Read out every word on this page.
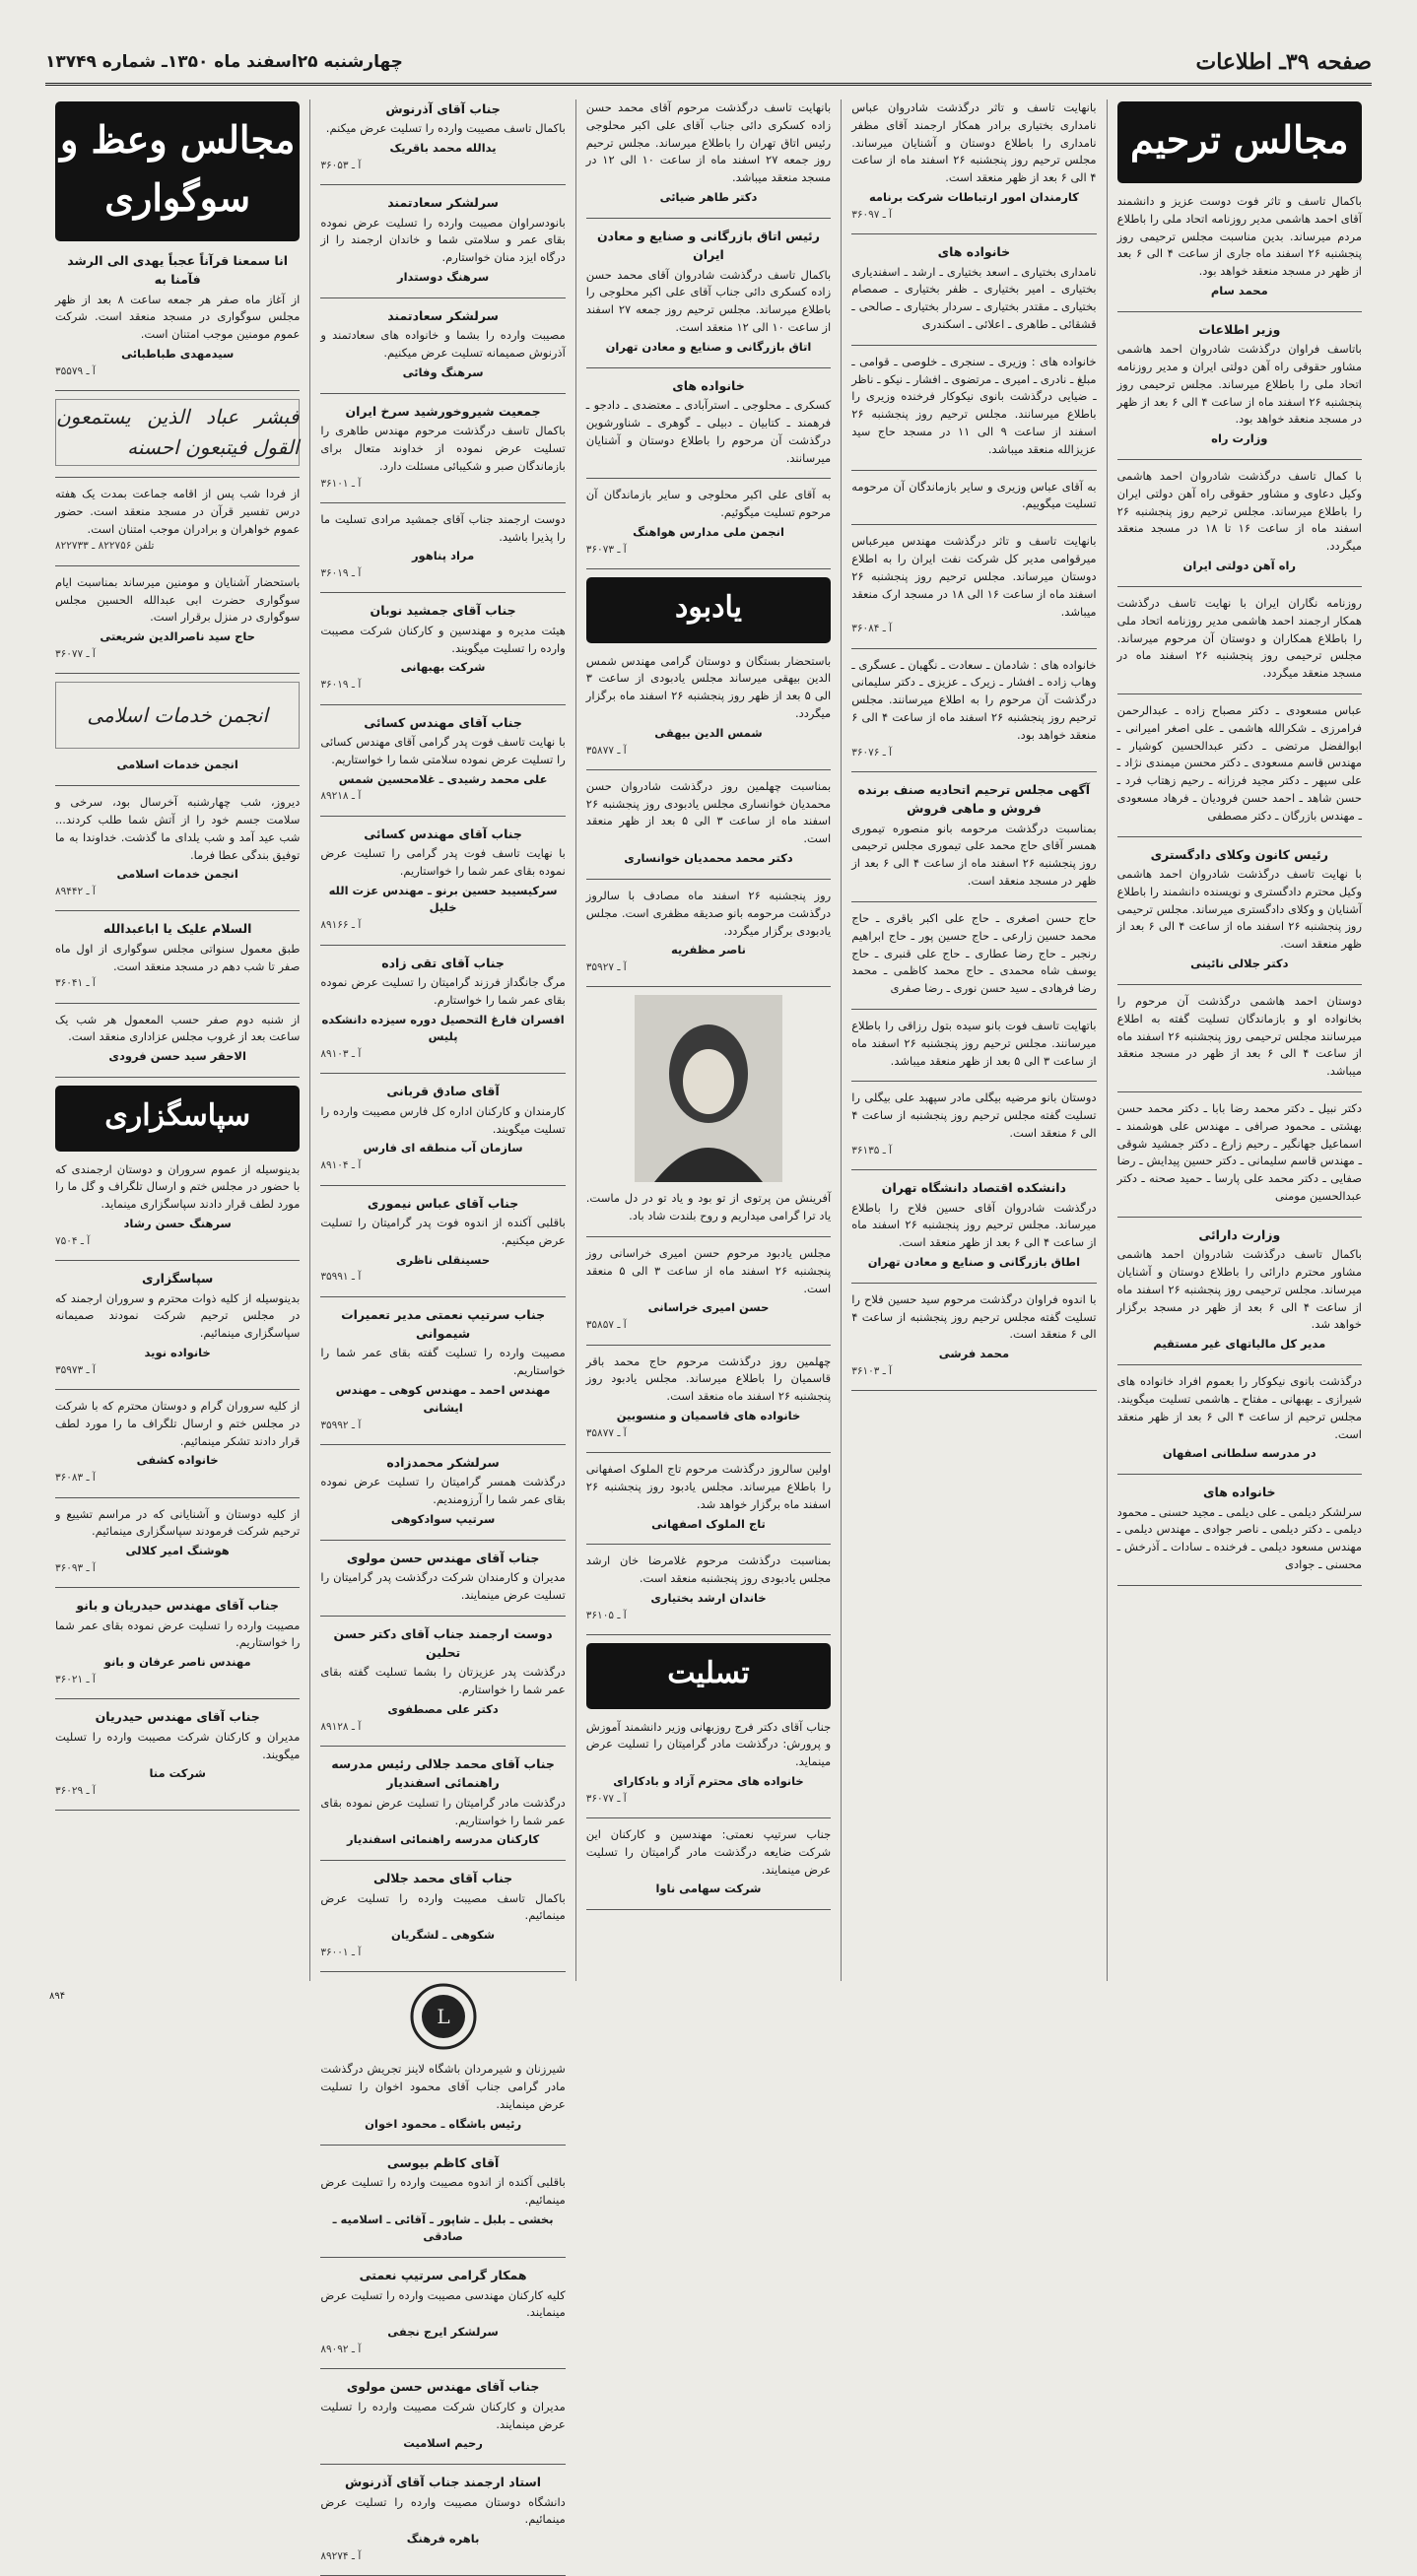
صفحه ۳۹ـ اطلاعات
چهارشنبه ۲۵اسفند ماه ۱۳۵۰ـ شماره ۱۳۷۴۹
مجالس ترحیم
باکمال تاسف و تاثر فوت دوست عزیز و دانشمند آقای احمد هاشمی مدیر روزنامه اتحاد ملی را باطلاع مردم میرساند. بدین مناسبت مجلس ترحیمی روز پنجشنبه ۲۶ اسفند ماه جاری از ساعت ۴ الی ۶ بعد از ظهر در مسجد منعقد خواهد بود.
محمد سام
وزیر اطلاعات
باتاسف فراوان درگذشت شادروان احمد هاشمی مشاور حقوقی راه آهن دولتی ایران و مدیر روزنامه اتحاد ملی را باطلاع میرساند. مجلس ترحیمی روز پنجشنبه ۲۶ اسفند ماه از ساعت ۴ الی ۶ بعد از ظهر در مسجد منعقد خواهد بود.
وزارت راه
با کمال تاسف درگذشت شادروان احمد هاشمی وکیل دعاوی و مشاور حقوقی راه آهن دولتی ایران را باطلاع میرساند. مجلس ترحیم روز پنجشنبه ۲۶ اسفند ماه از ساعت ۱۶ تا ۱۸ در مسجد منعقد میگردد.
راه آهن دولتی ایران
روزنامه نگاران ایران با نهایت تاسف درگذشت همکار ارجمند احمد هاشمی مدیر روزنامه اتحاد ملی را باطلاع همکاران و دوستان آن مرحوم میرساند. مجلس ترحیمی روز پنجشنبه ۲۶ اسفند ماه در مسجد منعقد میگردد.
عباس مسعودی ـ دکتر مصباح زاده ـ عبدالرحمن فرامرزی ـ شکرالله هاشمی ـ علی اصغر امیرانی ـ ابوالفضل مرتضی ـ دکتر عبدالحسین کوشیار ـ مهندس قاسم مسعودی ـ دکتر محسن میمندی نژاد ـ علی سپهر ـ دکتر مجید فرزانه ـ رحیم زهتاب فرد ـ حسن شاهد ـ احمد حسن فرودیان ـ فرهاد مسعودی ـ مهندس بازرگان ـ دکتر مصطفی
رئیس کانون وکلای دادگستری
با نهایت تاسف درگذشت شادروان احمد هاشمی وکیل محترم دادگستری و نویسنده دانشمند را باطلاع آشنایان و وکلای دادگستری میرساند. مجلس ترحیمی روز پنجشنبه ۲۶ اسفند ماه از ساعت ۴ الی ۶ بعد از ظهر منعقد است.
دکتر جلالی نائینی
دوستان احمد هاشمی درگذشت آن مرحوم را بخانواده او و بازماندگان تسلیت گفته به اطلاع میرسانند مجلس ترحیمی روز پنجشنبه ۲۶ اسفند ماه از ساعت ۴ الی ۶ بعد از ظهر در مسجد منعقد میباشد.
دکتر نبیل ـ دکتر محمد رضا بابا ـ دکتر محمد حسن بهشتی ـ محمود صرافی ـ مهندس علی هوشمند ـ اسماعیل جهانگیر ـ رحیم زارع ـ دکتر جمشید شوقی ـ مهندس قاسم سلیمانی ـ دکتر حسین پیدایش ـ رضا صفایی ـ دکتر محمد علی پارسا ـ حمید صحنه ـ دکتر عبدالحسین مومنی
وزارت دارائی
باکمال تاسف درگذشت شادروان احمد هاشمی مشاور محترم دارائی را باطلاع دوستان و آشنایان میرساند. مجلس ترحیمی روز پنجشنبه ۲۶ اسفند ماه از ساعت ۴ الی ۶ بعد از ظهر در مسجد برگزار خواهد شد.
مدیر کل مالیاتهای غیر مستقیم
درگذشت بانوی نیکوکار را بعموم افراد خانواده های شیرازی ـ بهبهانی ـ مفتاح ـ هاشمی تسلیت میگویند. مجلس ترحیم از ساعت ۴ الی ۶ بعد از ظهر منعقد است.
در مدرسه سلطانی اصفهان
خانواده های
سرلشکر دیلمی ـ علی دیلمی ـ مجید حسنی ـ محمود دیلمی ـ دکتر دیلمی ـ ناصر جوادی ـ مهندس دیلمی ـ مهندس مسعود دیلمی ـ فرخنده ـ سادات ـ آذرخش ـ محسنی ـ جوادی
بانهایت تاسف و تاثر درگذشت شادروان عباس نامداری بختیاری برادر همکار ارجمند آقای مظفر نامداری را باطلاع دوستان و آشنایان میرساند. مجلس ترحیم روز پنجشنبه ۲۶ اسفند ماه از ساعت ۴ الی ۶ بعد از ظهر منعقد است.
کارمندان امور ارتباطات شرکت برنامه
آ ـ ۳۶۰۹۷
خانواده های
نامداری بختیاری ـ اسعد بختیاری ـ ارشد ـ اسفندیاری بختیاری ـ امیر بختیاری ـ ظفر بختیاری ـ صمصام بختیاری ـ مقتدر بختیاری ـ سردار بختیاری ـ صالحی ـ قشقائی ـ طاهری ـ اعلائی ـ اسکندری
خانواده های : وزیری ـ سنجری ـ خلوصی ـ قوامی ـ مبلغ ـ نادری ـ امیری ـ مرتضوی ـ افشار ـ نیکو ـ ناظر ـ ضیایی درگذشت بانوی نیکوکار فرخنده وزیری را باطلاع میرسانند. مجلس ترحیم روز پنجشنبه ۲۶ اسفند از ساعت ۹ الی ۱۱ در مسجد حاج سید عزیزالله منعقد میباشد.
به آقای عباس وزیری و سایر بازماندگان آن مرحومه تسلیت میگوییم.
بانهایت تاسف و تاثر درگذشت مهندس میرعباس میرقوامی مدیر کل شرکت نفت ایران را به اطلاع دوستان میرساند. مجلس ترحیم روز پنجشنبه ۲۶ اسفند ماه از ساعت ۱۶ الی ۱۸ در مسجد ارک منعقد میباشد.
آ ـ ۳۶۰۸۴
خانواده های : شادمان ـ سعادت ـ نگهبان ـ عسگری ـ وهاب زاده ـ افشار ـ زیرک ـ عزیزی ـ دکتر سلیمانی درگذشت آن مرحوم را به اطلاع میرسانند. مجلس ترحیم روز پنجشنبه ۲۶ اسفند ماه از ساعت ۴ الی ۶ منعقد خواهد بود.
آ ـ ۳۶۰۷۶
آگهی مجلس ترحیم اتحادیه صنف برنده فروش و ماهی فروش
بمناسبت درگذشت مرحومه بانو منصوره تیموری همسر آقای حاج محمد علی تیموری مجلس ترحیمی روز پنجشنبه ۲۶ اسفند ماه از ساعت ۴ الی ۶ بعد از ظهر در مسجد منعقد است.
حاج حسن اصغری ـ حاج علی اکبر باقری ـ حاج محمد حسین زارعی ـ حاج حسین پور ـ حاج ابراهیم رنجبر ـ حاج رضا عطاری ـ حاج علی قنبری ـ حاج یوسف شاه محمدی ـ حاج محمد کاظمی ـ محمد رضا فرهادی ـ سید حسن نوری ـ رضا صفری
باتهایت تاسف فوت بانو سیده بتول رزاقی را باطلاع میرسانند. مجلس ترحیم روز پنجشنبه ۲۶ اسفند ماه از ساعت ۳ الی ۵ بعد از ظهر منعقد میباشد.
دوستان بانو مرضیه بیگلی مادر سپهبد علی بیگلی را تسلیت گفته مجلس ترحیم روز پنجشنبه از ساعت ۴ الی ۶ منعقد است.
آ ـ ۳۶۱۳۵
دانشکده اقتصاد دانشگاه تهران
درگذشت شادروان آقای حسین فلاح را باطلاع میرساند. مجلس ترحیم روز پنجشنبه ۲۶ اسفند ماه از ساعت ۴ الی ۶ بعد از ظهر منعقد است.
اطاق بازرگانی و صنایع و معادن تهران
با اندوه فراوان درگذشت مرحوم سید حسین فلاح را تسلیت گفته مجلس ترحیم روز پنجشنبه از ساعت ۴ الی ۶ منعقد است.
محمد فرشی
آ ـ ۳۶۱۰۳
بانهایت تاسف درگذشت مرحوم آقای محمد حسن زاده کسکری دائی جناب آقای علی اکبر محلوجی رئیس اتاق تهران را باطلاع میرساند. مجلس ترحیم روز جمعه ۲۷ اسفند ماه از ساعت ۱۰ الی ۱۲ در مسجد منعقد میباشد.
دکتر طاهر ضیائی
رئیس اتاق بازرگانی و صنایع و معادن ایران
باکمال تاسف درگذشت شادروان آقای محمد حسن زاده کسکری دائی جناب آقای علی اکبر محلوجی را باطلاع میرساند. مجلس ترحیم روز جمعه ۲۷ اسفند از ساعت ۱۰ الی ۱۲ منعقد است.
اتاق بازرگانی و صنایع و معادن تهران
خانواده های
کسکری ـ محلوجی ـ استرآبادی ـ معتضدی ـ دادجو ـ فرهمند ـ کتابیان ـ دبیلی ـ گوهری ـ شناورشوین درگذشت آن مرحوم را باطلاع دوستان و آشنایان میرسانند.
به آقای علی اکبر محلوجی و سایر بازماندگان آن مرحوم تسلیت میگوئیم.
انجمن ملی مدارس هواهنگ
آ ـ ۳۶۰۷۳
یادبود
باستحضار بستگان و دوستان گرامی مهندس شمس الدین بیهقی میرساند مجلس یادبودی از ساعت ۳ الی ۵ بعد از ظهر روز پنجشنبه ۲۶ اسفند ماه برگزار میگردد.
شمس الدین بیهقی
آ ـ ۳۵۸۷۷
بمناسبت چهلمین روز درگذشت شادروان حسن محمدیان خوانساری مجلس یادبودی روز پنجشنبه ۲۶ اسفند ماه از ساعت ۳ الی ۵ بعد از ظهر منعقد است.
دکتر محمد محمدیان خوانساری
روز پنجشنبه ۲۶ اسفند ماه مصادف با سالروز درگذشت مرحومه بانو صدیقه مظفری است. مجلس یادبودی برگزار میگردد.
ناصر مظفریه
آ ـ ۳۵۹۲۷
آفرینش من پرتوی از تو بود و یاد تو در دل ماست. یاد ترا گرامی میداریم و روح بلندت شاد باد.
مجلس یادبود مرحوم حسن امیری خراسانی روز پنجشنبه ۲۶ اسفند ماه از ساعت ۳ الی ۵ منعقد است.
حسن امیری خراسانی
آ ـ ۳۵۸۵۷
چهلمین روز درگذشت مرحوم حاج محمد باقر قاسمیان را باطلاع میرساند. مجلس یادبود روز پنجشنبه ۲۶ اسفند ماه منعقد است.
خانواده های قاسمیان و منسوبین
آ ـ ۳۵۸۷۷
اولین سالروز درگذشت مرحوم تاج الملوک اصفهانی را باطلاع میرساند. مجلس یادبود روز پنجشنبه ۲۶ اسفند ماه برگزار خواهد شد.
تاج الملوک اصفهانی
بمناسبت درگذشت مرحوم غلامرضا خان ارشد مجلس یادبودی روز پنجشنبه منعقد است.
خاندان ارشد بختیاری
آ ـ ۳۶۱۰۵
تسلیت
جناب آقای دکتر فرج روزبهانی وزیر دانشمند آموزش و پرورش: درگذشت مادر گرامیتان را تسلیت عرض مینماید.
خانواده های محترم آزاد و بادکارای
آ ـ ۳۶۰۷۷
جناب سرتیپ نعمتی: مهندسین و کارکنان این شرکت ضایعه درگذشت مادر گرامیتان را تسلیت عرض مینمایند.
شرکت سهامی ناوا
جناب آقای آذرنوش
باکمال تاسف مصیبت وارده را تسلیت عرض میکنم.
یدالله محمد باقریک
آ ـ ۳۶۰۵۳
سرلشکر سعادتمند
بانودسراوان مصیبت وارده را تسلیت عرض نموده بقای عمر و سلامتی شما و خاندان ارجمند را از درگاه ایزد منان خواستارم.
سرهنگ دوستدار
سرلشکر سعادتمند
مصیبت وارده را بشما و خانواده های سعادتمند و آذرنوش صمیمانه تسلیت عرض میکنیم.
سرهنگ وفائی
جمعیت شیروخورشید سرخ ایران
باکمال تاسف درگذشت مرحوم مهندس طاهری را تسلیت عرض نموده از خداوند متعال برای بازماندگان صبر و شکیبائی مسئلت دارد.
آ ـ ۳۶۱۰۱
دوست ارجمند جناب آقای جمشید مرادی تسلیت ما را پذیرا باشید.
مراد پناهور
آ ـ ۳۶۰۱۹
جناب آقای جمشید نوبان
هیئت مدیره و مهندسین و کارکنان شرکت مصیبت وارده را تسلیت میگویند.
شرکت بهبهانی
آ ـ ۳۶۰۱۹
جناب آقای مهندس کسائی
با نهایت تاسف فوت پدر گرامی آقای مهندس کسائی را تسلیت عرض نموده سلامتی شما را خواستاریم.
علی محمد رشیدی ـ غلامحسین شمس
آ ـ ۸۹۲۱۸
جناب آقای مهندس کسائی
با نهایت تاسف فوت پدر گرامی را تسلیت عرض نموده بقای عمر شما را خواستاریم.
سرکیسیبد حسین برنو ـ مهندس عزت الله خلیل
آ ـ ۸۹۱۶۶
جناب آقای تقی زاده
مرگ جانگداز فرزند گرامیتان را تسلیت عرض نموده بقای عمر شما را خواستارم.
افسران فارغ التحصیل دوره سیزده دانشکده پلیس
آ ـ ۸۹۱۰۳
آقای صادق قربانی
کارمندان و کارکنان اداره کل فارس مصیبت وارده را تسلیت میگویند.
سازمان آب منطقه ای فارس
آ ـ ۸۹۱۰۴
جناب آقای عباس نیموری
باقلبی آکنده از اندوه فوت پدر گرامیتان را تسلیت عرض میکنیم.
حسینقلی ناظری
آ ـ ۳۵۹۹۱
جناب سرتیپ نعمتی مدیر تعمیرات شیموانی
مصیبت وارده را تسلیت گفته بقای عمر شما را خواستاریم.
مهندس احمد ـ مهندس کوهی ـ مهندس ایشانی
آ ـ ۳۵۹۹۲
سرلشکر محمدزاده
درگذشت همسر گرامیتان را تسلیت عرض نموده بقای عمر شما را آرزومندیم.
سرتیپ سوادکوهی
جناب آقای مهندس حسن مولوی
مدیران و کارمندان شرکت درگذشت پدر گرامیتان را تسلیت عرض مینمایند.
دوست ارجمند جناب آقای دکتر حسن تحلین
درگذشت پدر عزیزتان را بشما تسلیت گفته بقای عمر شما را خواستارم.
دکتر علی مصطفوی
آ ـ ۸۹۱۲۸
جناب آقای محمد جلالی رئیس مدرسه راهنمائی اسفندیار
درگذشت مادر گرامیتان را تسلیت عرض نموده بقای عمر شما را خواستاریم.
کارکنان مدرسه راهنمائی اسفندیار
جناب آقای محمد جلالی
باکمال تاسف مصیبت وارده را تسلیت عرض مینمائیم.
شکوهی ـ لشگریان
آ ـ ۳۶۰۰۱
L
شیرزنان و شیرمردان باشگاه لاینز تجریش درگذشت مادر گرامی جناب آقای محمود اخوان را تسلیت عرض مینمایند.
رئیس باشگاه ـ محمود اخوان
آقای کاظم بیوسی
باقلبی آکنده از اندوه مصیبت وارده را تسلیت عرض مینمائیم.
بخشی ـ بلبل ـ شاپور ـ آقائی ـ اسلامیه ـ صادقی
همکار گرامی سرتیپ نعمتی
کلیه کارکنان مهندسی مصیبت وارده را تسلیت عرض مینمایند.
سرلشکر ایرج نجفی
آ ـ ۸۹۰۹۲
جناب آقای مهندس حسن مولوی
مدیران و کارکنان شرکت مصیبت وارده را تسلیت عرض مینمایند.
رحیم اسلامیت
استاد ارجمند جناب آقای آذرنوش
دانشگاه دوستان مصیبت وارده را تسلیت عرض مینمائیم.
باهره فرهنگ
آ ـ ۸۹۲۷۴
مجالس وعظ و سوگواری
انا سمعنا قرآناً عجباً یهدی الی الرشد فآمنا به
از آغاز ماه صفر هر جمعه ساعت ۸ بعد از ظهر مجلس سوگواری در مسجد منعقد است. شرکت عموم مومنین موجب امتنان است.
سیدمهدی طباطبائی
آ ـ ۳۵۵۷۹
فبشر عباد الذین یستمعون القول فیتبعون احسنه
از فردا شب پس از اقامه جماعت بمدت یک هفته درس تفسیر قرآن در مسجد منعقد است. حضور عموم خواهران و برادران موجب امتنان است.
تلفن ۸۲۲۷۵۶ ـ ۸۲۲۷۳۳
باستحضار آشنایان و مومنین میرساند بمناسبت ایام سوگواری حضرت ابی عبدالله الحسین مجلس سوگواری در منزل برقرار است.
حاج سید ناصرالدین شریعتی
آ ـ ۳۶۰۷۷
انجمن خدمات اسلامی
انجمن خدمات اسلامی
دیروز، شب چهارشنبه آخرسال بود، سرخی و سلامت جسم خود را از آتش شما طلب کردند... شب عید آمد و شب یلدای ما گذشت. خداوندا به ما توفیق بندگی عطا فرما.
انجمن خدمات اسلامی
آ ـ ۸۹۴۴۲
السلام علیک یا اباعبدالله
طبق معمول سنواتی مجلس سوگواری از اول ماه صفر تا شب دهم در مسجد منعقد است.
آ ـ ۳۶۰۴۱
از شنبه دوم صفر حسب المعمول هر شب یک ساعت بعد از غروب مجلس عزاداری منعقد است.
الاحقر سید حسن فرودی
سپاسگزاری
بدینوسیله از عموم سروران و دوستان ارجمندی که با حضور در مجلس ختم و ارسال تلگراف و گل ما را مورد لطف قرار دادند سپاسگزاری مینماید.
سرهنگ حسن رشاد
آ ـ ۷۵۰۴
سپاسگزاری
بدینوسیله از کلیه ذوات محترم و سروران ارجمند که در مجلس ترحیم شرکت نمودند صمیمانه سپاسگزاری مینمائیم.
خانواده نوید
آ ـ ۳۵۹۷۳
از کلیه سروران گرام و دوستان محترم که با شرکت در مجلس ختم و ارسال تلگراف ما را مورد لطف قرار دادند تشکر مینمائیم.
خانواده کشفی
آ ـ ۳۶۰۸۳
از کلیه دوستان و آشنایانی که در مراسم تشییع و ترحیم شرکت فرمودند سپاسگزاری مینمائیم.
هوشنگ امیر کلالی
آ ـ ۳۶۰۹۳
جناب آقای مهندس حیدریان و بانو
مصیبت وارده را تسلیت عرض نموده بقای عمر شما را خواستاریم.
مهندس ناصر عرفان و بانو
آ ـ ۳۶۰۲۱
جناب آقای مهندس حیدریان
مدیران و کارکنان شرکت مصیبت وارده را تسلیت میگویند.
شرکت منا
آ ـ ۳۶۰۲۹
۸۹۴
